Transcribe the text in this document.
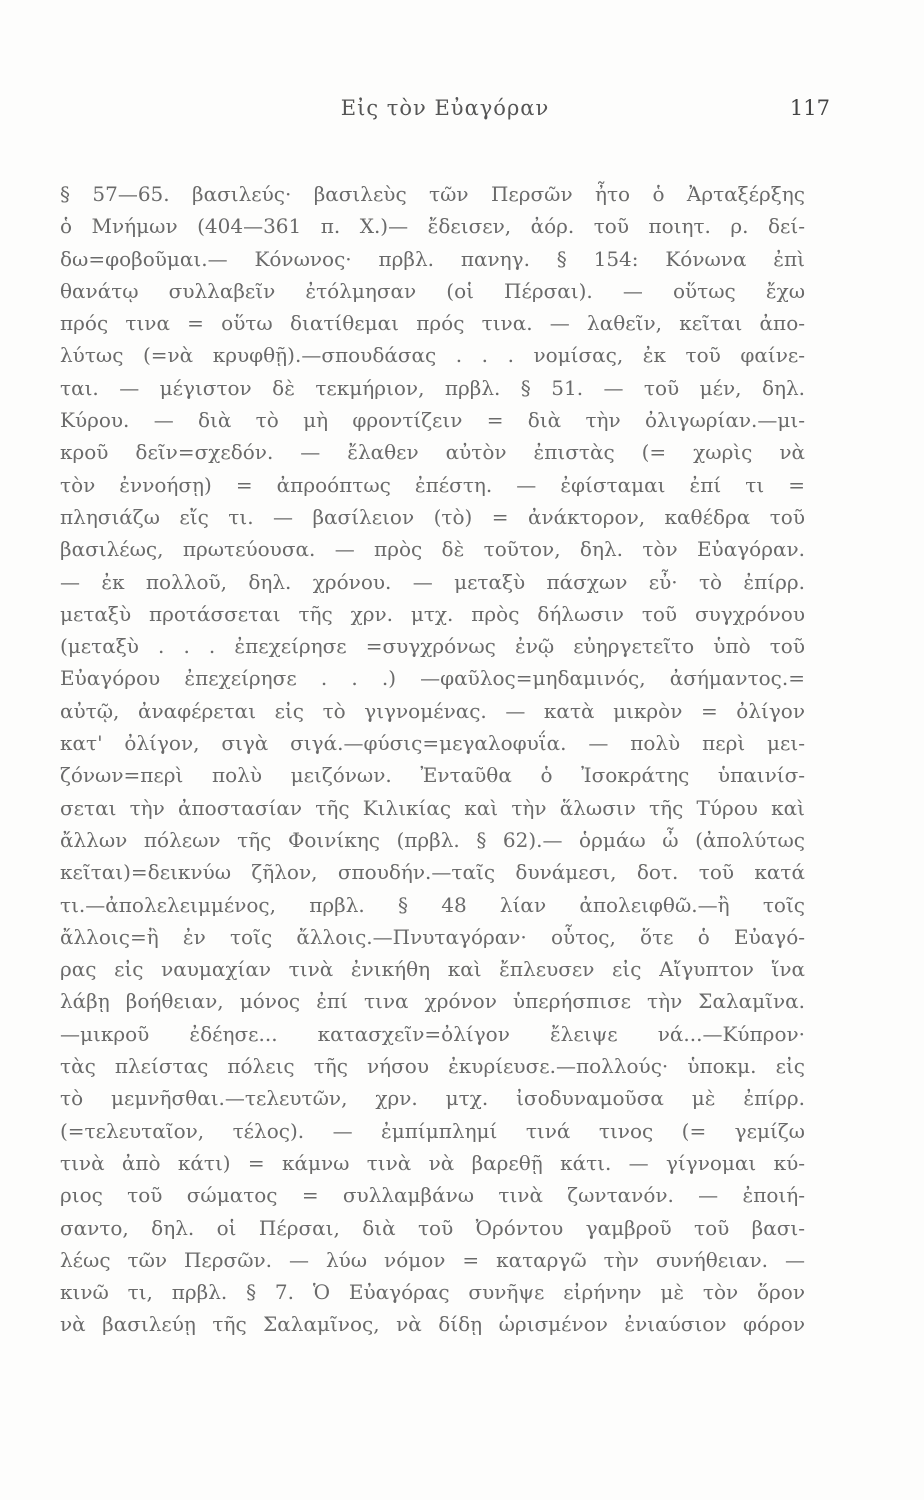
Εἰς τὸν Εὐαγόραν	117
§ 57—65. βασιλεύς· βασιλεὺς τῶν Περσῶν ἦτο ὁ Ἀρταξέρξης
ὁ Μνήμων (404—361 π. Χ.)— ἔδεισεν, ἀόρ. τοῦ ποιητ. ρ. δεί-
δω=φοβοῦμαι.— Κόνωνος· πρβλ. πανηγ. § 154: Κόνωνα ἐπὶ
θανάτῳ συλλαβεῖν ἐτόλμησαν (οἱ Πέρσαι). — οὕτως ἔχω
πρός τινα = οὕτω διατίθεμαι πρός τινα. — λαθεῖν, κεῖται ἀπο-
λύτως (=νὰ κρυφθῇ).—σπουδάσας . . . νομίσας, ἐκ τοῦ φαίνε-
ται. — μέγιστον δὲ τεκμήριον, πρβλ. § 51. — τοῦ μέν, δηλ.
Κύρου. — διὰ τὸ μὴ φροντίζειν = διὰ τὴν ὀλιγωρίαν.—μι-
κροῦ δεῖν=σχεδόν. — ἔλαθεν αὐτὸν ἐπιστὰς (= χωρὶς νὰ
τὸν ἐννοήσῃ) = ἀπροόπτως ἐπέστη. — ἐφίσταμαι ἐπί τι =
πλησιάζω εἴς τι. — βασίλειον (τὸ) = ἀνάκτορον, καθέδρα τοῦ
βασιλέως, πρωτεύουσα. — πρὸς δὲ τοῦτον, δηλ. τὸν Εὐαγόραν.
— ἐκ πολλοῦ, δηλ. χρόνου. — μεταξὺ πάσχων εὖ· τὸ ἐπίρρ.
μεταξὺ προτάσσεται τῆς χρν. μτχ. πρὸς δήλωσιν τοῦ συγχρόνου
(μεταξὺ . . . ἐπεχείρησε =συγχρόνως ἐνῷ εὐηργετεῖτο ὑπὸ τοῦ
Εὐαγόρου ἐπεχείρησε . . .) —φαῦλος=μηδαμινός, ἀσήμαντος.=
αὐτῷ, ἀναφέρεται εἰς τὸ γιγνομένας. — κατὰ μικρὸν = ὀλίγον
κατ' ὀλίγον, σιγὰ σιγά.—φύσις=μεγαλοφυΐα. — πολὺ περὶ μει-
ζόνων=περὶ πολὺ μειζόνων. Ἐνταῦθα ὁ Ἰσοκράτης ὑπαινίσ-
σεται τὴν ἀποστασίαν τῆς Κιλικίας καὶ τὴν ἅλωσιν τῆς Τύρου καὶ
ἄλλων πόλεων τῆς Φοινίκης (πρβλ. § 62).— ὁρμάω ὦ (ἀπολύτως
κεῖται)=δεικνύω ζῆλον, σπουδήν.—ταῖς δυνάμεσι, δοτ. τοῦ κατά
τι.—ἀπολελειμμένος, πρβλ. § 48 λίαν ἀπολειφθῶ.—ἢ τοῖς
ἄλλοις=ἢ ἐν τοῖς ἄλλοις.—Πνυταγόραν· οὗτος, ὅτε ὁ Εὐαγό-
ρας εἰς ναυμαχίαν τινὰ ἐνικήθη καὶ ἔπλευσεν εἰς Αἴγυπτον ἵνα
λάβῃ βοήθειαν, μόνος ἐπί τινα χρόνον ὑπερήσπισε τὴν Σαλαμῖνα.
—μικροῦ ἐδέησε... κατασχεῖν=ὀλίγον ἔλειψε νά...—Κύπρον·
τὰς πλείστας πόλεις τῆς νήσου ἐκυρίευσε.—πολλούς· ὑποκμ. εἰς
τὸ μεμνῆσθαι.—τελευτῶν, χρν. μτχ. ἰσοδυναμοῦσα μὲ ἐπίρρ.
(=τελευταῖον, τέλος). — ἐμπίμπλημί τινά τινος (= γεμίζω
τινὰ ἀπὸ κάτι) = κάμνω τινὰ νὰ βαρεθῇ κάτι. — γίγνομαι κύ-
ριος τοῦ σώματος = συλλαμβάνω τινὰ ζωντανόν. — ἐποιή-
σαντο, δηλ. οἱ Πέρσαι, διὰ τοῦ Ὀρόντου γαμβροῦ τοῦ βασι-
λέως τῶν Περσῶν. — λύω νόμον = καταργῶ τὴν συνήθειαν. —
κινῶ τι, πρβλ. § 7. Ὁ Εὐαγόρας συνῆψε εἰρήνην μὲ τὸν ὅρον
νὰ βασιλεύῃ τῆς Σαλαμῖνος, νὰ δίδῃ ὡρισμένον ἐνιαύσιον φόρον
